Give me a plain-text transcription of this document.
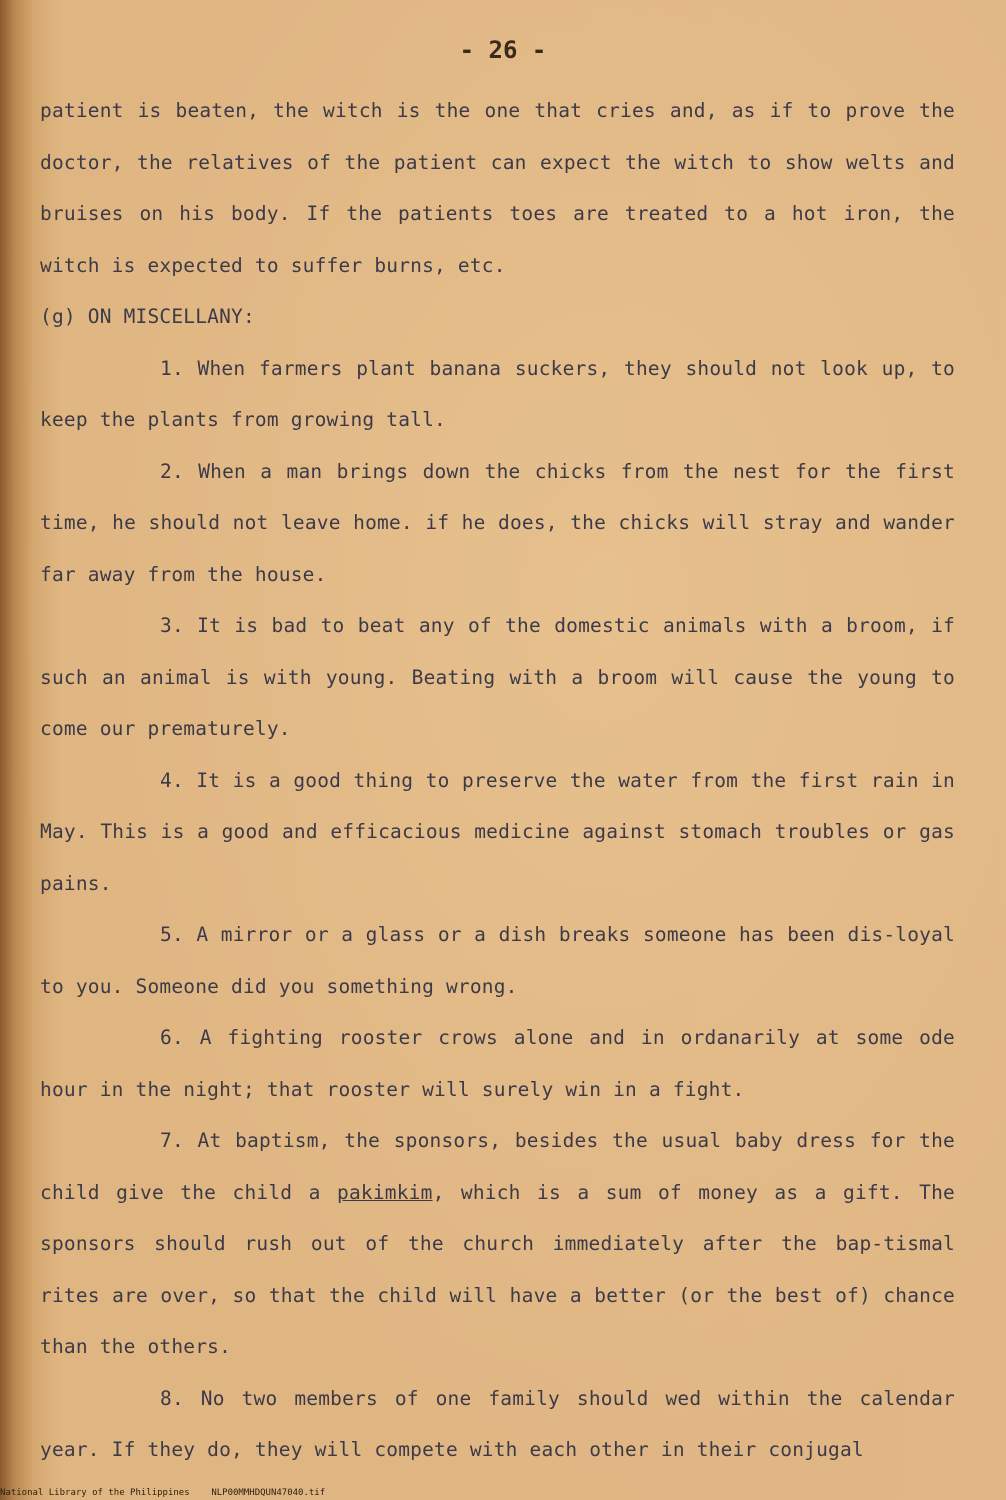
- 26 -

patient is beaten, the witch is the one that cries and, as if to prove the doctor, the relatives of the patient can expect the witch to show welts and bruises on his body. If the patients toes are treated to a hot iron, the witch is expected to suffer burns, etc.

(g) ON MISCELLANY:

1. When farmers plant banana suckers, they should not look up, to keep the plants from growing tall.

2. When a man brings down the chicks from the nest for the first time, he should not leave home. if he does, the chicks will stray and wander far away from the house.

3. It is bad to beat any of the domestic animals with a broom, if such an animal is with young. Beating with a broom will cause the young to come our prematurely.

4. It is a good thing to preserve the water from the first rain in May. This is a good and efficacious medicine against stomach troubles or gas pains.

5. A mirror or a glass or a dish breaks someone has been dis-loyal to you. Someone did you something wrong.

6. A fighting rooster crows alone and in ordanarily at some ode hour in the night; that rooster will surely win in a fight.

7. At baptism, the sponsors, besides the usual baby dress for the child give the child a pakimkim, which is a sum of money as a gift. The sponsors should rush out of the church immediately after the bap-tismal rites are over, so that the child will have a better (or the best of) chance than the others.

8. No two members of one family should wed within the calendar year. If they do, they will compete with each other in their conjugal

National Library of the Philippines NLP00MMHDQUN47040.tif
